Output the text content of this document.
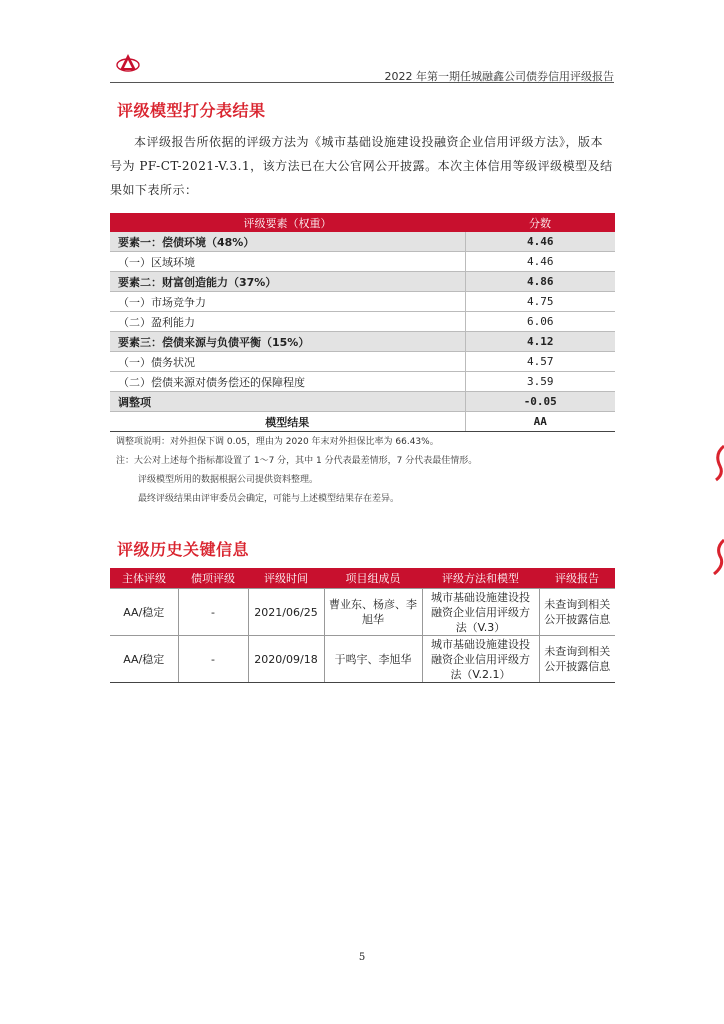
2022 年第一期任城融鑫公司债券信用评级报告
评级模型打分表结果
本评级报告所依据的评级方法为《城市基础设施建设投融资企业信用评级方法》，版本号为 PF-CT-2021-V.3.1，该方法已在大公官网公开披露。本次主体信用等级评级模型及结果如下表所示：
评级要素（权重）	分数
要素一：偿债环境（48%）	4.46
（一）区域环境	4.46
要素二：财富创造能力（37%）	4.86
（一）市场竞争力	4.75
（二）盈利能力	6.06
要素三：偿债来源与负债平衡（15%）	4.12
（一）债务状况	4.57
（二）偿债来源对债务偿还的保障程度	3.59
调整项	-0.05
模型结果	AA
调整项说明：对外担保下调 0.05，理由为 2020 年末对外担保比率为 66.43%。
注：大公对上述每个指标都设置了 1～7 分，其中 1 分代表最差情形，7 分代表最佳情形。
评级模型所用的数据根据公司提供资料整理。
最终评级结果由评审委员会确定，可能与上述模型结果存在差异。
评级历史关键信息
主体评级	债项评级	评级时间	项目组成员	评级方法和模型	评级报告
AA/稳定	-	2021/06/25	曹业东、杨彦、李旭华	城市基础设施建设投融资企业信用评级方法（V.3）	未查询到相关公开披露信息
AA/稳定	-	2020/09/18	于鸣宇、李旭华	城市基础设施建设投融资企业信用评级方法（V.2.1）	未查询到相关公开披露信息
5
